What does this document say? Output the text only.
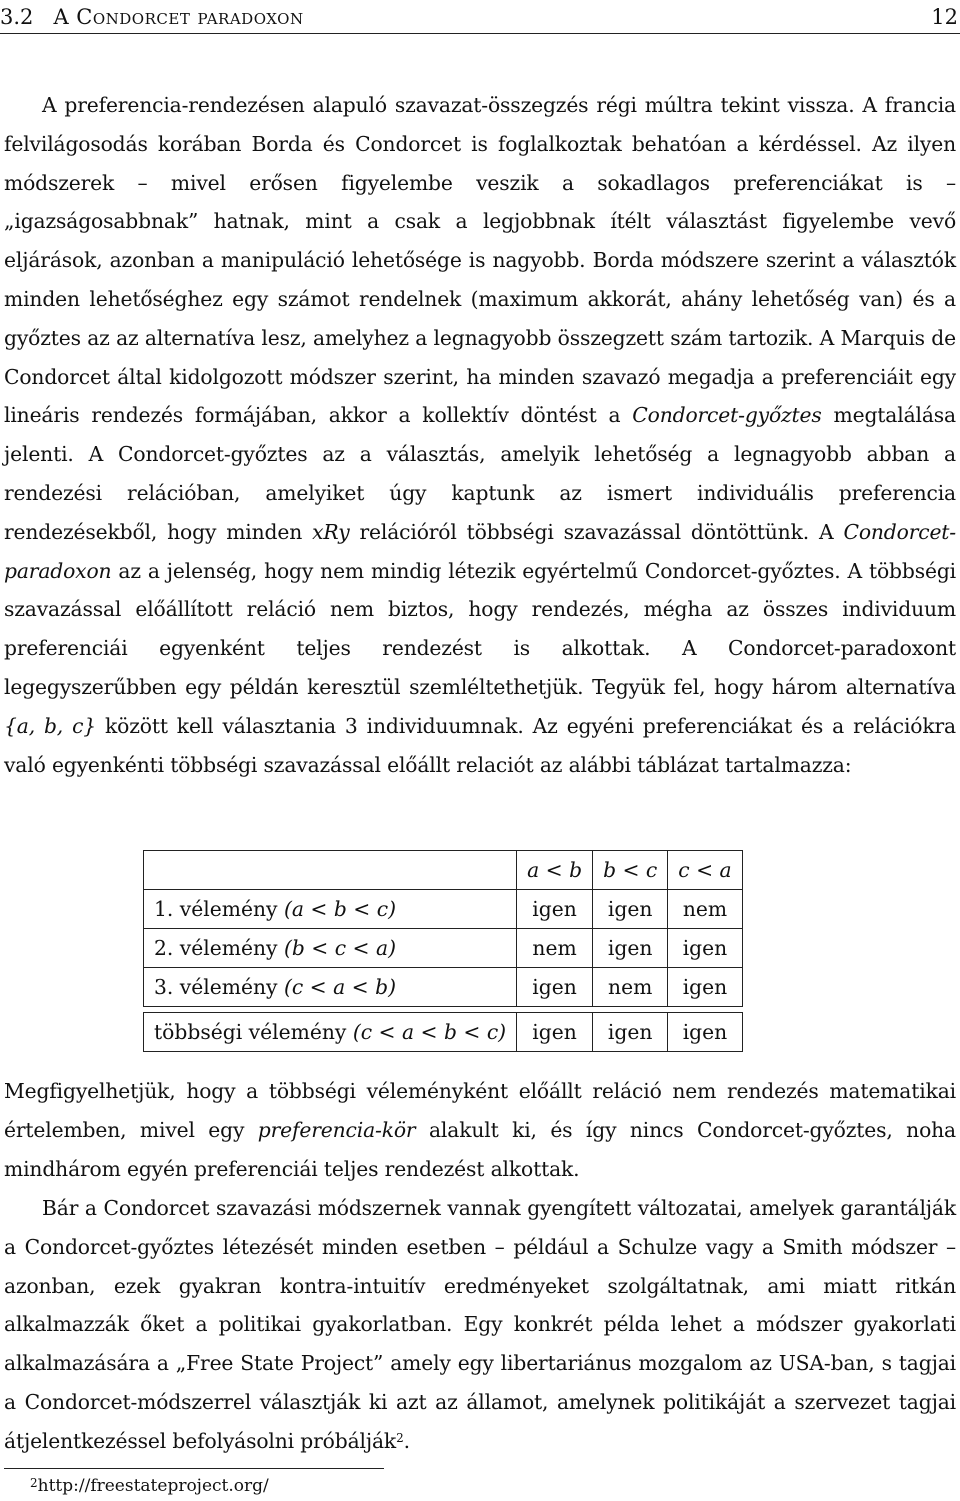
3.2 A Condorcet paradoxon	12
A preferencia-rendezésen alapuló szavazat-összegzés régi múltra tekint vissza. A francia felvilágosodás korában Borda és Condorcet is foglalkoztak behatóan a kérdéssel. Az ilyen módszerek – mivel erősen figyelembe veszik a sokadlagos preferenciákat is – „igazságosabbnak” hatnak, mint a csak a legjobbnak ítélt választást figyelembe vevő eljárások, azonban a manipuláció lehetősége is nagyobb. Borda módszere szerint a választók minden lehetőséghez egy számot rendelnek (maximum akkorát, ahány lehetőség van) és a győztes az az alternatíva lesz, amelyhez a legnagyobb összegzett szám tartozik. A Marquis de Condorcet által kidolgozott módszer szerint, ha minden szavazó megadja a preferenciáit egy lineáris rendezés formájában, akkor a kollektív döntést a Condorcet-győztes megtalálása jelenti. A Condorcet-győztes az a választás, amelyik lehetőség a legnagyobb abban a rendezési relációban, amelyiket úgy kaptunk az ismert individuális preferencia rendezésekből, hogy minden xRy relációról többségi szavazással döntöttünk. A Condorcet-paradoxon az a jelenség, hogy nem mindig létezik egyértelmű Condorcet-győztes. A többségi szavazással előállított reláció nem biztos, hogy rendezés, mégha az összes individuum preferenciái egyenként teljes rendezést is alkottak. A Condorcet-paradoxont legegyszerűbben egy példán keresztül szemléltethetjük. Tegyük fel, hogy három alternatíva {a, b, c} között kell választania 3 individuumnak. Az egyéni preferenciákat és a relációkra való egyenkénti többségi szavazással előállt relaciót az alábbi táblázat tartalmazza:
	a < b	b < c	c < a
1. vélemény (a < b < c)	igen	igen	nem
2. vélemény (b < c < a)	nem	igen	igen
3. vélemény (c < a < b)	igen	nem	igen

többségi vélemény (c < a < b < c)	igen	igen	igen
Megfigyelhetjük, hogy a többségi véleményként előállt reláció nem rendezés matematikai értelemben, mivel egy preferencia-kör alakult ki, és így nincs Condorcet-győztes, noha mindhárom egyén preferenciái teljes rendezést alkottak.
Bár a Condorcet szavazási módszernek vannak gyengített változatai, amelyek garantálják a Condorcet-győztes létezését minden esetben – például a Schulze vagy a Smith módszer – azonban, ezek gyakran kontra-intuitív eredményeket szolgáltatnak, ami miatt ritkán alkalmazzák őket a politikai gyakorlatban. Egy konkrét példa lehet a módszer gyakorlati alkalmazására a „Free State Project” amely egy libertariánus mozgalom az USA-ban, s tagjai a Condorcet-módszerrel választják ki azt az államot, amelynek politikáját a szervezet tagjai átjelentkezéssel befolyásolni próbálják$^2$.
$^2$http://freestateproject.org/
